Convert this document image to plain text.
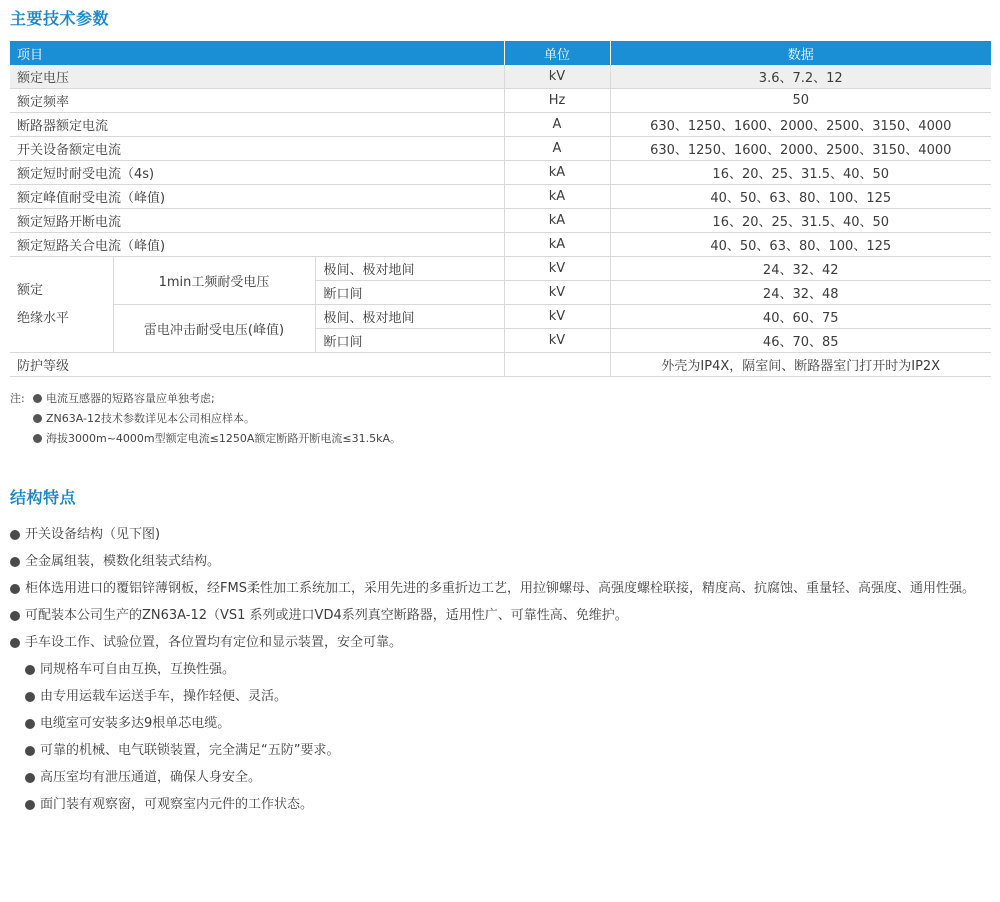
主要技术参数
项目			单位	数据
额定电压			kV	3.6、7.2、12
额定频率			Hz	50
断路器额定电流			A	630、1250、1600、2000、2500、3150、4000
开关设备额定电流			A	630、1250、1600、2000、2500、3150、4000
额定短时耐受电流（4s)			kA	16、20、25、31.5、40、50
额定峰值耐受电流（峰值)			kA	40、50、63、80、100、125
额定短路开断电流			kA	16、20、25、31.5、40、50
额定短路关合电流（峰值)			kA	40、50、63、80、100、125

额定
绝缘水平	1min工频耐受电压	极间、极对地间	kV	24、32、42
		断口间	kV	24、32、48
	雷电冲击耐受电压(峰值)	极间、极对地间	kV	40、60、75
		断口间	kV	46、70、85
防护等级				外壳为IP4X，隔室间、断路器室门打开时为IP2X
注: 电流互感器的短路容量应单独考虑;
ZN63A-12技术参数详见本公司相应样本。
海拔3000m~4000m型额定电流≤1250A额定断路开断电流≤31.5kA。
结构特点
开关设备结构（见下图)
全金属组装，模数化组装式结构。
柜体选用进口的覆铝锌薄钢板，经FMS柔性加工系统加工，采用先进的多重折边工艺，用拉铆螺母、高强度螺栓联接，精度高、抗腐蚀、重量轻、高强度、通用性强。
可配装本公司生产的ZN63A-12（VS1 系列或进口VD4系列真空断路器，适用性广、可靠性高、免维护。
手车设工作、试验位置，各位置均有定位和显示装置，安全可靠。
同规格车可自由互换，互换性强。
由专用运载车运送手车，操作轻便、灵活。
电缆室可安装多达9根单芯电缆。
可靠的机械、电气联锁装置，完全满足“五防”要求。
高压室均有泄压通道，确保人身安全。
面门装有观察窗，可观察室内元件的工作状态。
